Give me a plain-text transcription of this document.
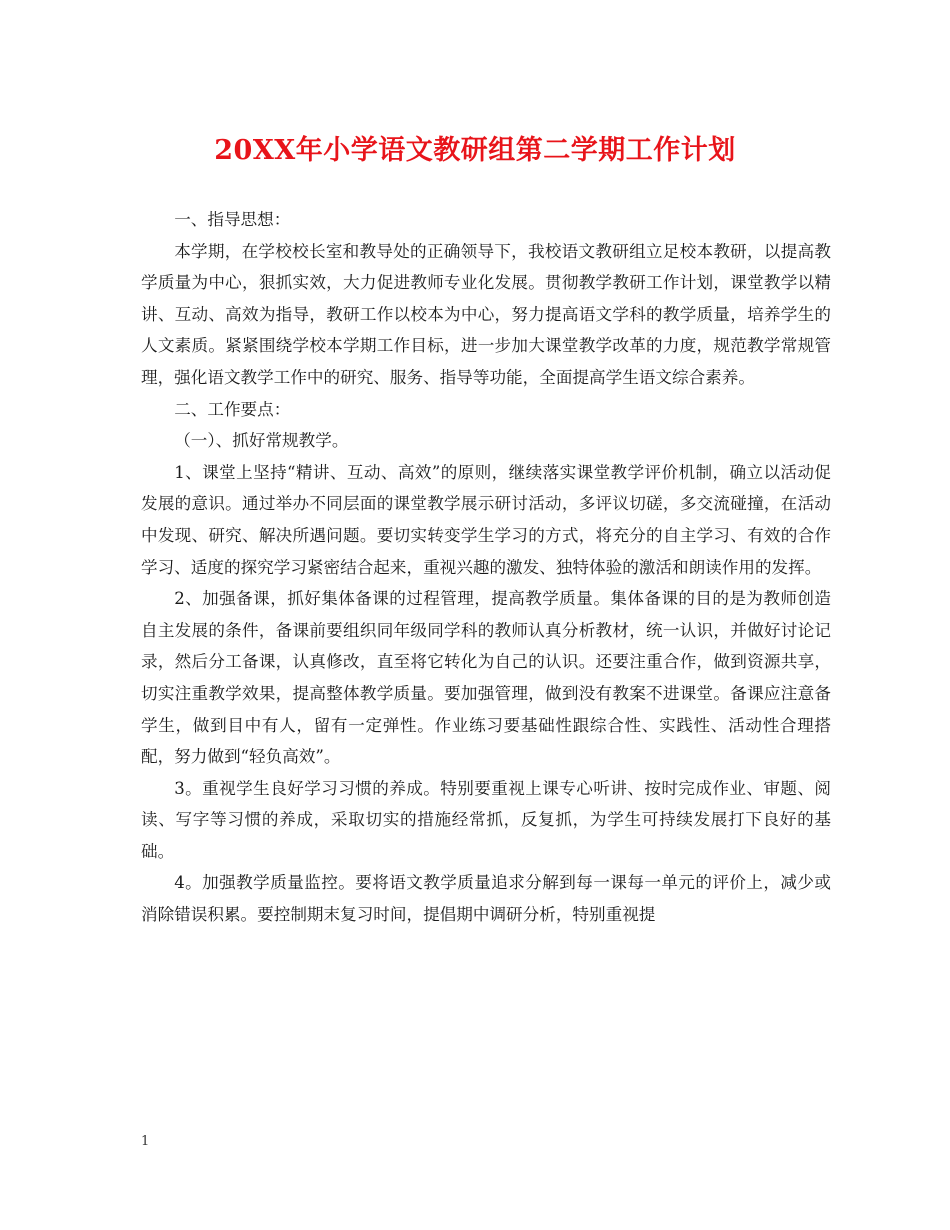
20XX年小学语文教研组第二学期工作计划

一、指导思想：

本学期，在学校校长室和教导处的正确领导下，我校语文教研组立足校本教研，以提高教学质量为中心，狠抓实效，大力促进教师专业化发展。贯彻教学教研工作计划，课堂教学以精讲、互动、高效为指导，教研工作以校本为中心，努力提高语文学科的教学质量，培养学生的人文素质。紧紧围绕学校本学期工作目标，进一步加大课堂教学改革的力度，规范教学常规管理，强化语文教学工作中的研究、服务、指导等功能，全面提高学生语文综合素养。

二、工作要点：

（一）、抓好常规教学。

1、课堂上坚持“精讲、互动、高效”的原则，继续落实课堂教学评价机制，确立以活动促发展的意识。通过举办不同层面的课堂教学展示研讨活动，多评议切磋，多交流碰撞，在活动中发现、研究、解决所遇问题。要切实转变学生学习的方式，将充分的自主学习、有效的合作学习、适度的探究学习紧密结合起来，重视兴趣的激发、独特体验的激活和朗读作用的发挥。

2、加强备课，抓好集体备课的过程管理，提高教学质量。集体备课的目的是为教师创造自主发展的条件，备课前要组织同年级同学科的教师认真分析教材，统一认识，并做好讨论记录，然后分工备课，认真修改，直至将它转化为自己的认识。还要注重合作，做到资源共享，切实注重教学效果，提高整体教学质量。要加强管理，做到没有教案不进课堂。备课应注意备学生，做到目中有人，留有一定弹性。作业练习要基础性跟综合性、实践性、活动性合理搭配，努力做到“轻负高效”。

3。重视学生良好学习习惯的养成。特别要重视上课专心听讲、按时完成作业、审题、阅读、写字等习惯的养成，采取切实的措施经常抓，反复抓，为学生可持续发展打下良好的基础。

4。加强教学质量监控。要将语文教学质量追求分解到每一课每一单元的评价上，减少或消除错误积累。要控制期末复习时间，提倡期中调研分析，特别重视提

1
